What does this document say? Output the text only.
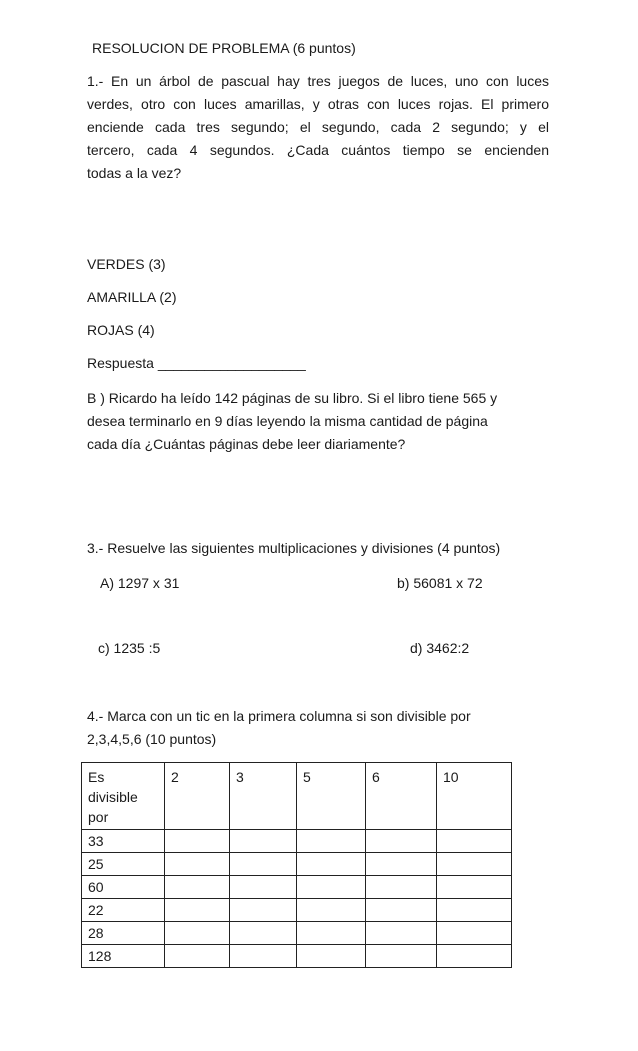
RESOLUCION DE PROBLEMA (6 puntos)
1.- En un árbol de pascual hay tres juegos de luces, uno con luces
verdes, otro con luces amarillas, y otras con luces rojas. El primero
enciende cada tres segundo; el segundo, cada 2 segundo; y el
tercero, cada 4 segundos. ¿Cada cuántos tiempo se encienden
todas a la vez?
VERDES (3)
AMARILLA (2)
ROJAS (4)
Respuesta ___________________
B ) Ricardo ha leído 142 páginas de su libro. Si el libro tiene 565 y
desea terminarlo en 9 días leyendo la misma cantidad de página
cada día ¿Cuántas páginas debe leer diariamente?
3.- Resuelve las siguientes multiplicaciones y divisiones (4 puntos)
A) 1297 x 31	b) 56081 x 72
c) 1235 :5	d) 3462:2
4.- Marca con un tic en la primera columna si son divisible por
2,3,4,5,6 (10 puntos)
Es divisible
por	2	3	5	6	10
33					
25					
60					
22					
28					
128					
